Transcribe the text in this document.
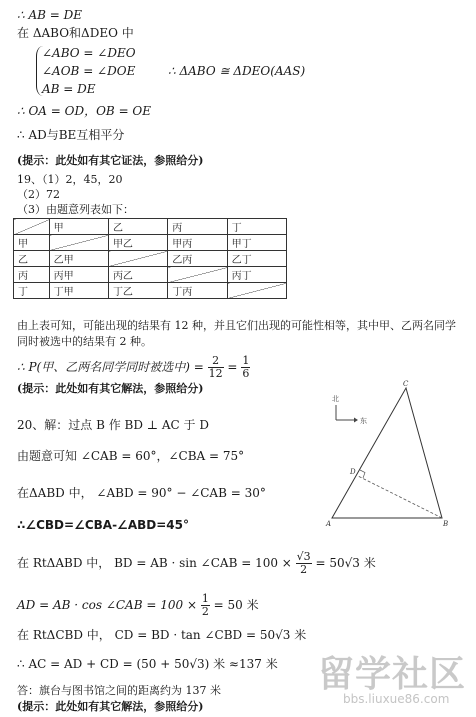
∴ AB = DE
在 ΔABO和ΔDEO 中
∠ABO = ∠DEO
∠AOB = ∠DOE
AB = DE
∴ ΔABO ≅ ΔDEO(AAS)
∴ OA = OD，OB = OE
∴ AD与BE互相平分
(提示：此处如有其它证法，参照给分)
19、（1）2，45，20
（2）72
（3）由题意列表如下：
	甲	乙	丙	丁
甲		甲乙	甲丙	甲丁
乙	乙甲		乙丙	乙丁
丙	丙甲	丙乙		丙丁
丁	丁甲	丁乙	丁丙	
由上表可知，可能出现的结果有 12 种，并且它们出现的可能性相等，其中甲、乙两名同学
同时被选中的结果有 2 种。
∴ P(甲、乙两名同学同时被选中) = $\frac{2}{12} = \frac{1}{6}$
(提示：此处如有其它解法，参照给分)
20、解：过点 B 作 BD ⊥ AC 于 D
由题意可知 ∠CAB = 60°，∠CBA = 75°
在ΔABD 中， ∠ABD = 90° − ∠CAB = 30°
∴∠CBD=∠CBA-∠ABD=45°
在 RtΔABD 中， BD = AB · sin ∠CAB = $100 \times \frac{√3}{2} = 50√3$ 米
AD = AB · cos ∠CAB = $100 \times \frac{1}{2} = 50$ 米
在 RtΔCBD 中， CD = BD · tan ∠CBD = 50√3 米
∴ AC = AD + CD = (50 + 50√3) 米 ≈137 米
答：旗台与图书馆之间的距离约为 137 米
(提示：此处如有其它解法，参照给分)
北
东
A	B
C
D
留学社区
bbs.liuxue86.com
